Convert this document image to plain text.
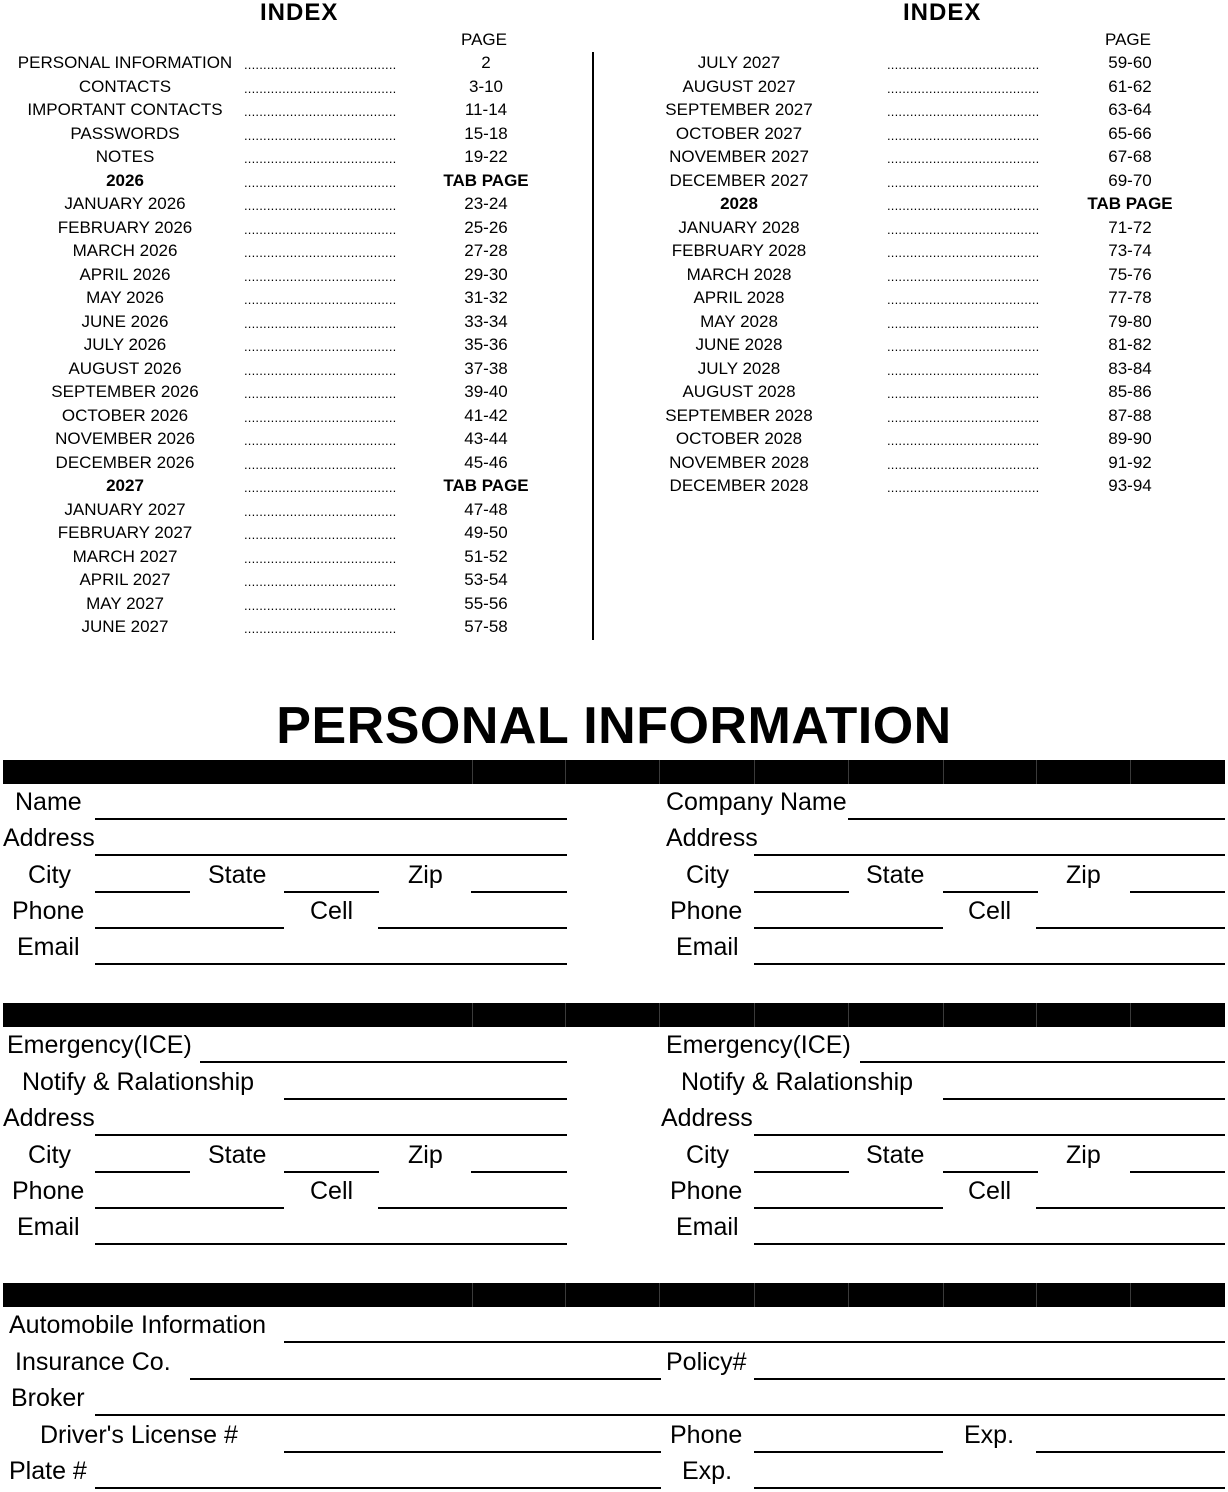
INDEX
PAGE
PERSONAL INFORMATION ........................................	2
CONTACTS	........................................	3-10
IMPORTANT CONTACTS	........................................	11-14
PASSWORDS	........................................	15-18
NOTES	........................................	19-22
2026	........................................	TAB PAGE
JANUARY 2026	........................................	23-24
FEBRUARY 2026	........................................	25-26
MARCH 2026	........................................	27-28
APRIL 2026	........................................	29-30
MAY 2026	........................................	31-32
JUNE 2026	........................................	33-34
JULY 2026	........................................	35-36
AUGUST 2026	........................................	37-38
SEPTEMBER 2026	........................................	39-40
OCTOBER 2026	........................................	41-42
NOVEMBER 2026	........................................	43-44
DECEMBER 2026	........................................	45-46
2027	........................................	TAB PAGE
JANUARY 2027	........................................	47-48
FEBRUARY 2027	........................................	49-50
MARCH 2027	........................................	51-52
APRIL 2027	........................................	53-54
MAY 2027	........................................	55-56
JUNE 2027	........................................	57-58
INDEX
PAGE
JULY 2027	........................................	59-60
AUGUST 2027	........................................	61-62
SEPTEMBER 2027	........................................	63-64
OCTOBER 2027	........................................	65-66
NOVEMBER 2027	........................................	67-68
DECEMBER 2027	........................................	69-70
2028	........................................	TAB PAGE
JANUARY 2028	........................................	71-72
FEBRUARY 2028	........................................	73-74
MARCH 2028	........................................	75-76
APRIL 2028	........................................	77-78
MAY 2028	........................................	79-80
JUNE 2028	........................................	81-82
JULY 2028	........................................	83-84
AUGUST 2028	........................................	85-86
SEPTEMBER 2028	........................................	87-88
OCTOBER 2028	........................................	89-90
NOVEMBER 2028	........................................	91-92
DECEMBER 2028	........................................	93-94
PERSONAL INFORMATION
Name
Address
City	State	Zip
Phone	Cell
Email
Company Name
Address
City	State	Zip
Phone	Cell
Email
Emergency(ICE)
Notify & Ralationship
Address
City	State	Zip
Phone	Cell
Email
Emergency(ICE)
Notify & Ralationship
Address
City	State	Zip
Phone	Cell
Email
Automobile Information
Insurance Co.	Policy#
Broker
Driver's License #	Phone	Exp.
Plate #	Exp.
